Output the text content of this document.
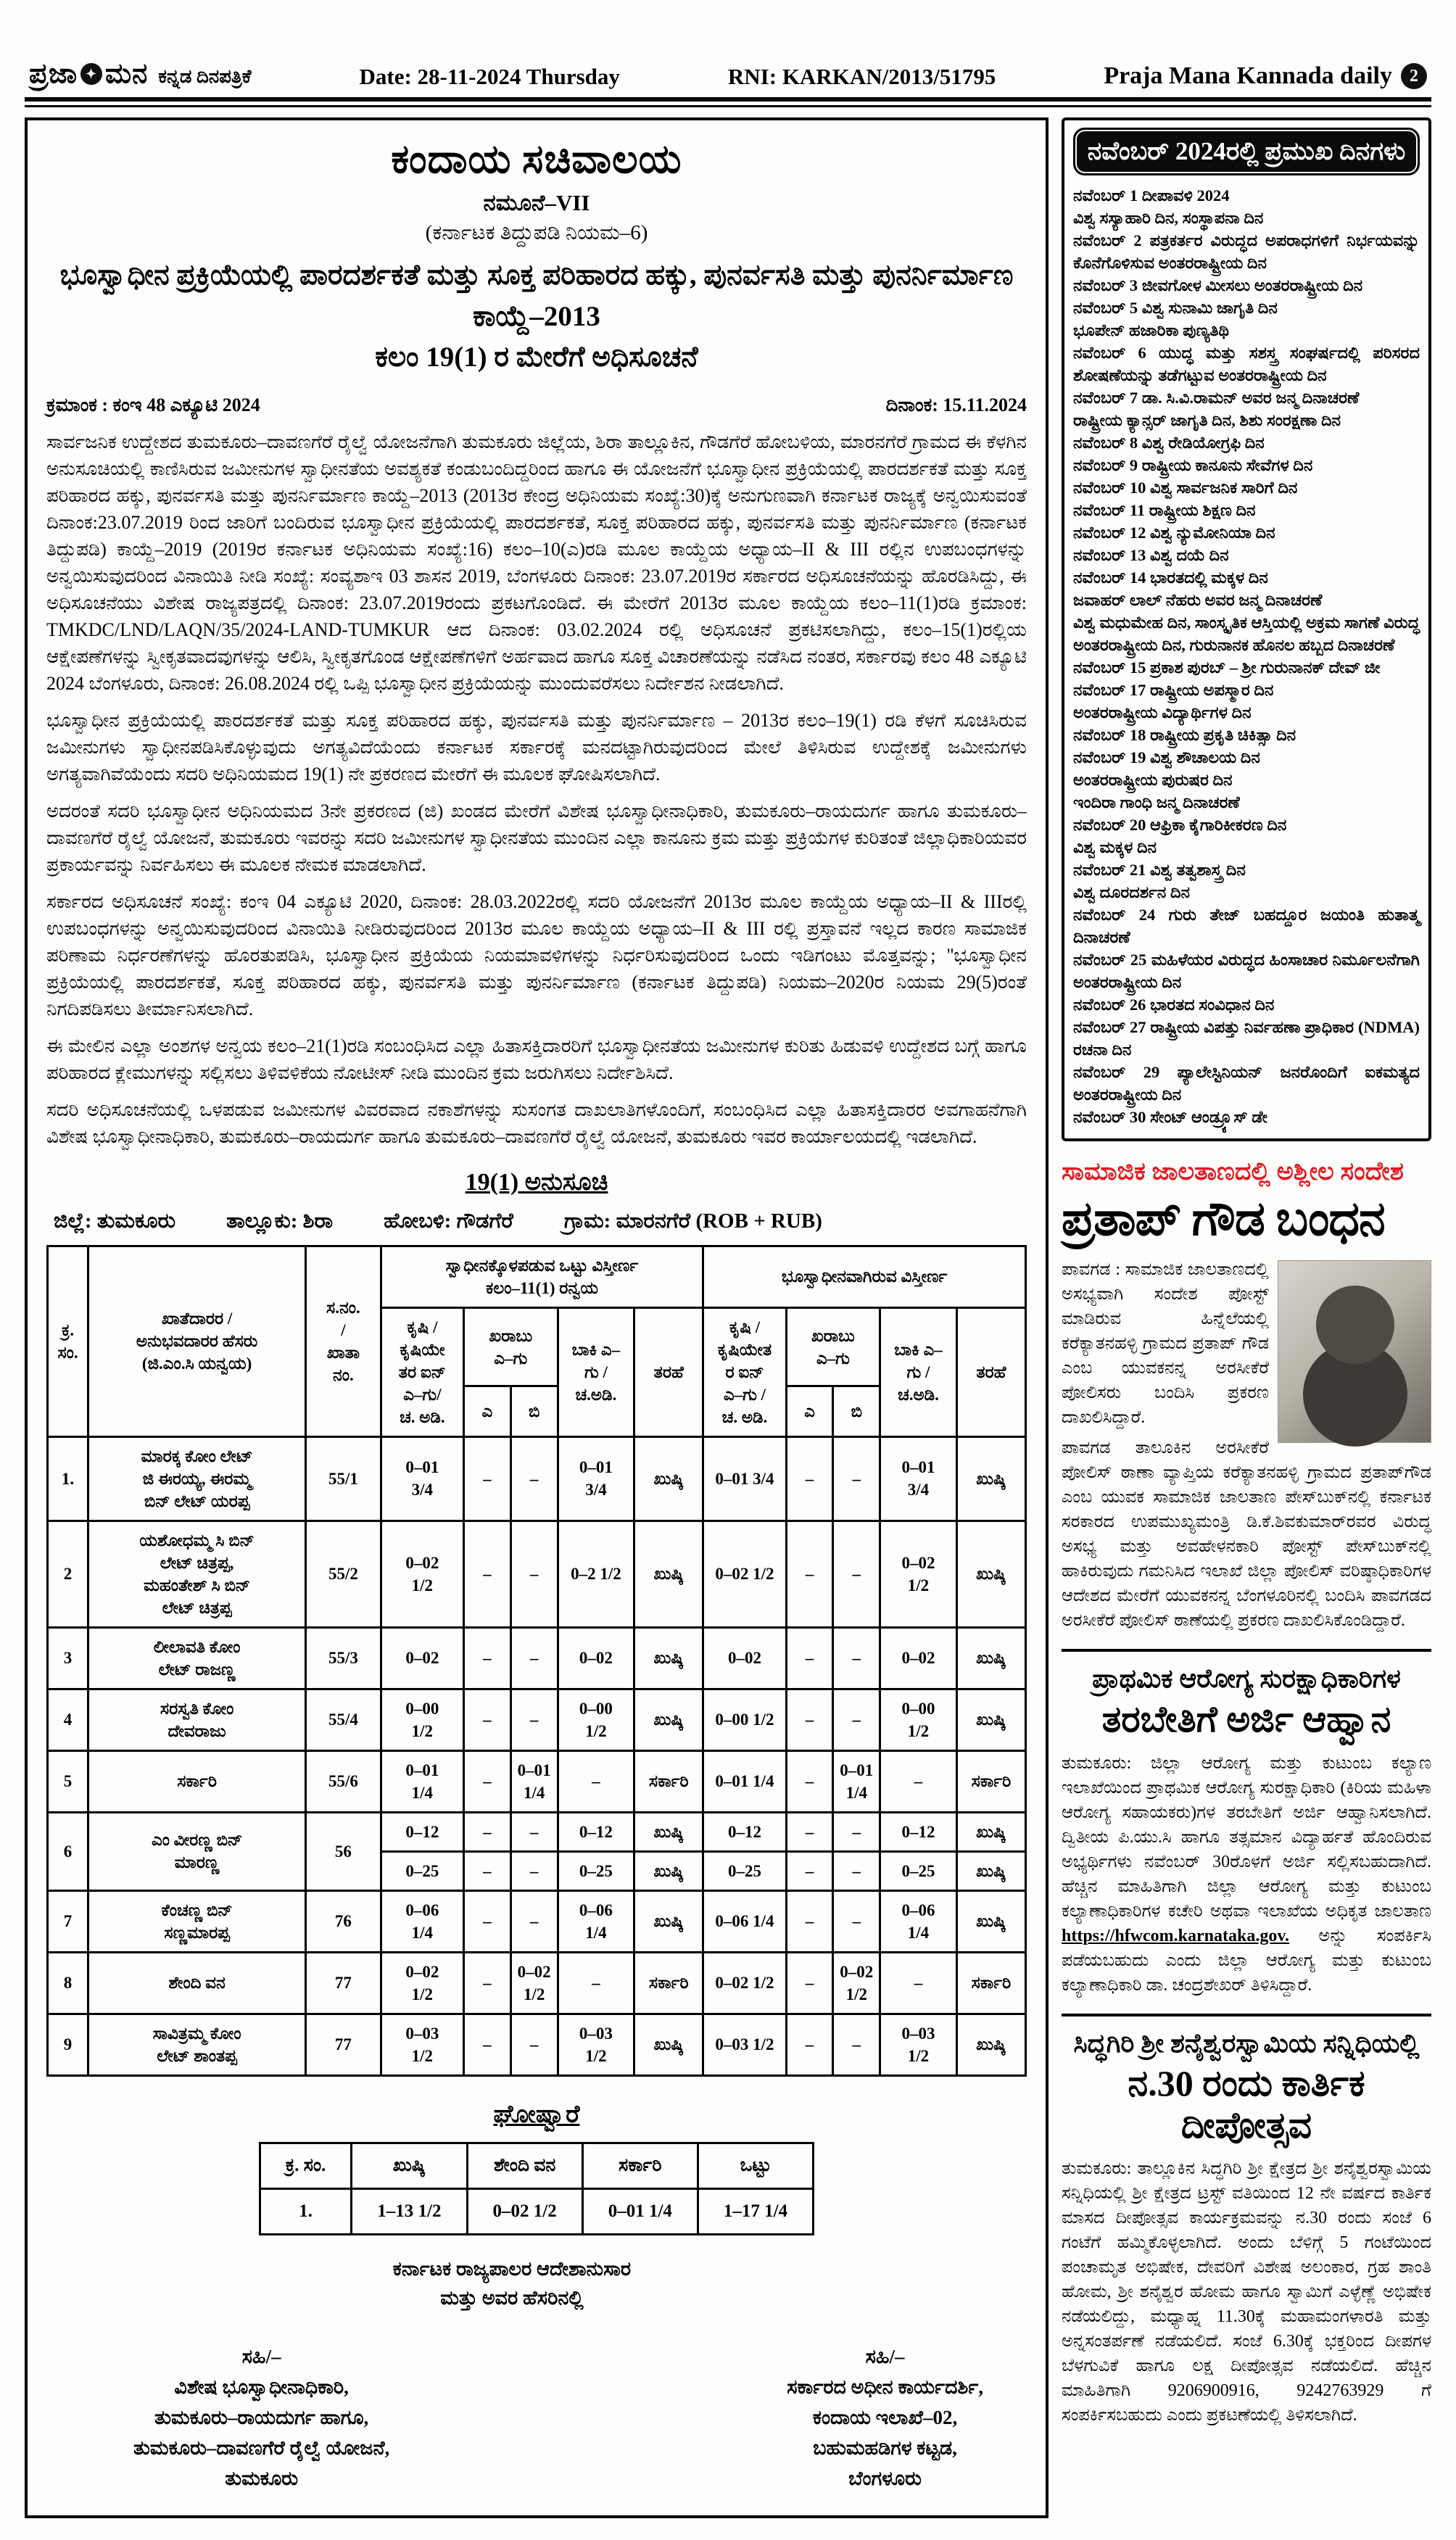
ಪ್ರಜಾ ✦ ಮನ ಕನ್ನಡ ದಿನಪತ್ರಿಕೆ	Date: 28-11-2024 Thursday	RNI: KARKAN/2013/51795	Praja Mana Kannada daily	2
ಕಂದಾಯ ಸಚಿವಾಲಯ
ನಮೂನೆ–VII
(ಕರ್ನಾಟಕ ತಿದ್ದುಪಡಿ ನಿಯಮ–6)
ಭೂಸ್ವಾಧೀನ ಪ್ರಕ್ರಿಯೆಯಲ್ಲಿ ಪಾರದರ್ಶಕತೆ ಮತ್ತು ಸೂಕ್ತ ಪರಿಹಾರದ ಹಕ್ಕು, ಪುನರ್ವಸತಿ ಮತ್ತು ಪುನರ್ನಿರ್ಮಾಣ ಕಾಯ್ದೆ–2013
ಕಲಂ 19(1) ರ ಮೇರೆಗೆ ಅಧಿಸೂಚನೆ
ಕ್ರಮಾಂಕ : ಕಂಇ 48 ಎಕ್ಯೂಟಿ 2024	ದಿನಾಂಕ: 15.11.2024

ಸಾರ್ವಜನಿಕ ಉದ್ದೇಶದ ತುಮಕೂರು–ದಾವಣಗೆರೆ ರೈಲ್ವೆ ಯೋಜನೆಗಾಗಿ ತುಮಕೂರು ಜಿಲ್ಲೆಯ, ಶಿರಾ ತಾಲ್ಲೂಕಿನ, ಗೌಡಗೆರೆ ಹೋಬಳಿಯ, ಮಾರನಗೆರೆ ಗ್ರಾಮದ ಈ ಕೆಳಗಿನ ಅನುಸೂಚಿಯಲ್ಲಿ ಕಾಣಿಸಿರುವ ಜಮೀನುಗಳ ಸ್ವಾಧೀನತೆಯ ಅವಶ್ಯಕತೆ ಕಂಡುಬಂದಿದ್ದರಿಂದ ಹಾಗೂ ಈ ಯೋಜನೆಗೆ ಭೂಸ್ವಾಧೀನ ಪ್ರಕ್ರಿಯೆಯಲ್ಲಿ ಪಾರದರ್ಶಕತೆ ಮತ್ತು ಸೂಕ್ತ ಪರಿಹಾರದ ಹಕ್ಕು, ಪುನರ್ವಸತಿ ಮತ್ತು ಪುನರ್ನಿರ್ಮಾಣ ಕಾಯ್ದೆ–2013 (2013ರ ಕೇಂದ್ರ ಅಧಿನಿಯಮ ಸಂಖ್ಯೆ:30)ಕ್ಕೆ ಅನುಗುಣವಾಗಿ ಕರ್ನಾಟಕ ರಾಜ್ಯಕ್ಕೆ ಅನ್ವಯಿಸುವಂತೆ ದಿನಾಂಕ:23.07.2019 ರಿಂದ ಜಾರಿಗೆ ಬಂದಿರುವ ಭೂಸ್ವಾಧೀನ ಪ್ರಕ್ರಿಯೆಯಲ್ಲಿ ಪಾರದರ್ಶಕತೆ, ಸೂಕ್ತ ಪರಿಹಾರದ ಹಕ್ಕು, ಪುನರ್ವಸತಿ ಮತ್ತು ಪುನರ್ನಿರ್ಮಾಣ (ಕರ್ನಾಟಕ ತಿದ್ದುಪಡಿ) ಕಾಯ್ದೆ–2019 (2019ರ ಕರ್ನಾಟಕ ಅಧಿನಿಯಮ ಸಂಖ್ಯೆ:16) ಕಲಂ–10(ಎ)ರಡಿ ಮೂಲ ಕಾಯ್ದೆಯ ಅಧ್ಯಾಯ–II & III ರಲ್ಲಿನ ಉಪಬಂಧಗಳನ್ನು ಅನ್ವಯಿಸುವುದರಿಂದ ವಿನಾಯಿತಿ ನೀಡಿ ಸಂಖ್ಯೆ: ಸಂವ್ಯಶಾಇ 03 ಶಾಸನ 2019, ಬೆಂಗಳೂರು ದಿನಾಂಕ: 23.07.2019ರ ಸರ್ಕಾರದ ಅಧಿಸೂಚನೆಯನ್ನು ಹೊರಡಿಸಿದ್ದು, ಈ ಅಧಿಸೂಚನೆಯು ವಿಶೇಷ ರಾಜ್ಯಪತ್ರದಲ್ಲಿ ದಿನಾಂಕ: 23.07.2019ರಂದು ಪ್ರಕಟಗೊಂಡಿದೆ. ಈ ಮೇರೆಗೆ 2013ರ ಮೂಲ ಕಾಯ್ದೆಯ ಕಲಂ–11(1)ರಡಿ ಕ್ರಮಾಂಕ: TMKDC/LND/LAQN/35/2024-LAND-TUMKUR ಆದ ದಿನಾಂಕ: 03.02.2024 ರಲ್ಲಿ ಅಧಿಸೂಚನೆ ಪ್ರಕಟಿಸಲಾಗಿದ್ದು, ಕಲಂ–15(1)ರಲ್ಲಿಯ ಆಕ್ಷೇಪಣೆಗಳನ್ನು ಸ್ವೀಕೃತವಾದವುಗಳನ್ನು ಆಲಿಸಿ, ಸ್ವೀಕೃತಗೊಂಡ ಆಕ್ಷೇಪಣೆಗಳಿಗೆ ಅರ್ಹವಾದ ಹಾಗೂ ಸೂಕ್ತ ವಿಚಾರಣೆಯನ್ನು ನಡೆಸಿದ ನಂತರ, ಸರ್ಕಾರವು ಕಲಂ 48 ಎಕ್ಯೂಟಿ 2024 ಬೆಂಗಳೂರು, ದಿನಾಂಕ: 26.08.2024 ರಲ್ಲಿ ಒಪ್ಪಿ ಭೂಸ್ವಾಧೀನ ಪ್ರಕ್ರಿಯೆಯನ್ನು ಮುಂದುವರೆಸಲು ನಿರ್ದೇಶನ ನೀಡಲಾಗಿದೆ.

ಭೂಸ್ವಾಧೀನ ಪ್ರಕ್ರಿಯೆಯಲ್ಲಿ ಪಾರದರ್ಶಕತೆ ಮತ್ತು ಸೂಕ್ತ ಪರಿಹಾರದ ಹಕ್ಕು, ಪುನರ್ವಸತಿ ಮತ್ತು ಪುನರ್ನಿರ್ಮಾಣ – 2013ರ ಕಲಂ–19(1) ರಡಿ ಕೆಳಗೆ ಸೂಚಿಸಿರುವ ಜಮೀನುಗಳು ಸ್ವಾಧೀನಪಡಿಸಿಕೊಳ್ಳುವುದು ಅಗತ್ಯವಿದೆಯೆಂದು ಕರ್ನಾಟಕ ಸರ್ಕಾರಕ್ಕೆ ಮನದಟ್ಟಾಗಿರುವುದರಿಂದ ಮೇಲೆ ತಿಳಿಸಿರುವ ಉದ್ದೇಶಕ್ಕೆ ಜಮೀನುಗಳು ಅಗತ್ಯವಾಗಿವೆಯೆಂದು ಸದರಿ ಅಧಿನಿಯಮದ 19(1) ನೇ ಪ್ರಕರಣದ ಮೇರೆಗೆ ಈ ಮೂಲಕ ಘೋಷಿಸಲಾಗಿದೆ.

ಅದರಂತೆ ಸದರಿ ಭೂಸ್ವಾಧೀನ ಅಧಿನಿಯಮದ 3ನೇ ಪ್ರಕರಣದ (ಜಿ) ಖಂಡದ ಮೇರೆಗೆ ವಿಶೇಷ ಭೂಸ್ವಾಧೀನಾಧಿಕಾರಿ, ತುಮಕೂರು–ರಾಯದುರ್ಗ ಹಾಗೂ ತುಮಕೂರು–ದಾವಣಗೆರೆ ರೈಲ್ವೆ ಯೋಜನೆ, ತುಮಕೂರು ಇವರನ್ನು ಸದರಿ ಜಮೀನುಗಳ ಸ್ವಾಧೀನತೆಯ ಮುಂದಿನ ಎಲ್ಲಾ ಕಾನೂನು ಕ್ರಮ ಮತ್ತು ಪ್ರಕ್ರಿಯೆಗಳ ಕುರಿತಂತೆ ಜಿಲ್ಲಾಧಿಕಾರಿಯವರ ಪ್ರಕಾರ್ಯವನ್ನು ನಿರ್ವಹಿಸಲು ಈ ಮೂಲಕ ನೇಮಕ ಮಾಡಲಾಗಿದೆ.

ಸರ್ಕಾರದ ಅಧಿಸೂಚನೆ ಸಂಖ್ಯೆ: ಕಂಇ 04 ಎಕ್ಯೂಟಿ 2020, ದಿನಾಂಕ: 28.03.2022ರಲ್ಲಿ ಸದರಿ ಯೋಜನೆಗೆ 2013ರ ಮೂಲ ಕಾಯ್ದೆಯ ಅಧ್ಯಾಯ–II & IIIರಲ್ಲಿ ಉಪಬಂಧಗಳನ್ನು ಅನ್ವಯಿಸುವುದರಿಂದ ವಿನಾಯಿತಿ ನೀಡಿರುವುದರಿಂದ 2013ರ ಮೂಲ ಕಾಯ್ದೆಯ ಅಧ್ಯಾಯ–II & III ರಲ್ಲಿ ಪ್ರಸ್ತಾವನೆ ಇಲ್ಲದ ಕಾರಣ ಸಾಮಾಜಿಕ ಪರಿಣಾಮ ನಿರ್ಧರಣೆಗಳನ್ನು ಹೊರತುಪಡಿಸಿ, ಭೂಸ್ವಾಧೀನ ಪ್ರಕ್ರಿಯೆಯ ನಿಯಮಾವಳಿಗಳನ್ನು ನಿರ್ಧರಿಸುವುದರಿಂದ ಒಂದು ಇಡಿಗಂಟು ಮೊತ್ತವನ್ನು; ''ಭೂಸ್ವಾಧೀನ ಪ್ರಕ್ರಿಯೆಯಲ್ಲಿ ಪಾರದರ್ಶಕತೆ, ಸೂಕ್ತ ಪರಿಹಾರದ ಹಕ್ಕು, ಪುನರ್ವಸತಿ ಮತ್ತು ಪುನರ್ನಿರ್ಮಾಣ (ಕರ್ನಾಟಕ ತಿದ್ದುಪಡಿ) ನಿಯಮ–2020ರ ನಿಯಮ 29(5)ರಂತೆ ನಿಗದಿಪಡಿಸಲು ತೀರ್ಮಾನಿಸಲಾಗಿದೆ.

ಈ ಮೇಲಿನ ಎಲ್ಲಾ ಅಂಶಗಳ ಅನ್ವಯ ಕಲಂ–21(1)ರಡಿ ಸಂಬಂಧಿಸಿದ ಎಲ್ಲಾ ಹಿತಾಸಕ್ತಿದಾರರಿಗೆ ಭೂಸ್ವಾಧೀನತೆಯ ಜಮೀನುಗಳ ಕುರಿತು ಹಿಡುವಳಿ ಉದ್ದೇಶದ ಬಗ್ಗೆ ಹಾಗೂ ಪರಿಹಾರದ ಕ್ಲೇಮುಗಳನ್ನು ಸಲ್ಲಿಸಲು ತಿಳಿವಳಿಕೆಯ ನೋಟೀಸ್ ನೀಡಿ ಮುಂದಿನ ಕ್ರಮ ಜರುಗಿಸಲು ನಿರ್ದೇಶಿಸಿದೆ.

ಸದರಿ ಅಧಿಸೂಚನೆಯಲ್ಲಿ ಒಳಪಡುವ ಜಮೀನುಗಳ ವಿವರವಾದ ನಕಾಶೆಗಳನ್ನು ಸುಸಂಗತ ದಾಖಲಾತಿಗಳೊಂದಿಗೆ, ಸಂಬಂಧಿಸಿದ ಎಲ್ಲಾ ಹಿತಾಸಕ್ತಿದಾರರ ಅವಗಾಹನೆಗಾಗಿ ವಿಶೇಷ ಭೂಸ್ವಾಧೀನಾಧಿಕಾರಿ, ತುಮಕೂರು–ರಾಯದುರ್ಗ ಹಾಗೂ ತುಮಕೂರು–ದಾವಣಗೆರೆ ರೈಲ್ವೆ ಯೋಜನೆ, ತುಮಕೂರು ಇವರ ಕಾರ್ಯಾಲಯದಲ್ಲಿ ಇಡಲಾಗಿದೆ.

19(1) ಅನುಸೂಚಿ
ಜಿಲ್ಲೆ: ತುಮಕೂರು ತಾಲ್ಲೂಕು: ಶಿರಾ ಹೋಬಳಿ: ಗೌಡಗೆರೆ ಗ್ರಾಮ: ಮಾರನಗೆರೆ (ROB + RUB)
ಕ್ರ.
ಸಂ.	ಖಾತೆದಾರರ /
ಅನುಭವದಾರರ ಹೆಸರು
(ಜಿ.ಎಂ.ಸಿ ಯನ್ವಯ)	ಸ.ನಂ.
/
ಖಾತಾ
ನಂ.	ಸ್ವಾಧೀನಕ್ಕೊಳಪಡುವ ಒಟ್ಟು ವಿಸ್ತೀರ್ಣ
ಕಲಂ–11(1) ರನ್ವಯ					ಭೂಸ್ವಾಧೀನವಾಗಿರುವ ವಿಸ್ತೀರ್ಣ				
			ಕೃಷಿ /
ಕೃಷಿಯೇ
ತರ ಐನ್
ಎ–ಗು/
ಚ. ಅಡಿ.	ಖರಾಬು
ಎ–ಗು		ಬಾಕಿ ಎ–
ಗು /
ಚ.ಅಡಿ.	ತರಹೆ	ಕೃಷಿ /
ಕೃಷಿಯೇತ
ರ ಐನ್
ಎ–ಗು /
ಚ. ಅಡಿ.	ಖರಾಬು
ಎ–ಗು		ಬಾಕಿ ಎ–
ಗು /
ಚ.ಅಡಿ.	ತರಹೆ
				ಎ	ಬಿ				ಎ	ಬಿ		
1.	ಮಾರಕ್ಕ ಕೋಂ ಲೇಟ್
ಜಿ ಈರಯ್ಯ, ಈರಮ್ಮ
ಬಿನ್ ಲೇಟ್ ಯರಪ್ಪ	55/1	0–01
3/4	–	–	0–01
3/4	ಖುಷ್ಕಿ	0–01 3/4	–	–	0–01
3/4	ಖುಷ್ಕಿ
2	ಯಶೋಧಮ್ಮ ಸಿ ಬಿನ್
ಲೇಟ್ ಚಿತ್ರಪ್ಪ,
ಮಹಂತೇಶ್ ಸಿ ಬಿನ್
ಲೇಟ್ ಚಿತ್ರಪ್ಪ	55/2	0–02
1/2	–	–	0–2 1/2	ಖುಷ್ಕಿ	0–02 1/2	–	–	0–02
1/2	ಖುಷ್ಕಿ
3	ಲೀಲಾವತಿ ಕೋಂ
ಲೇಟ್ ರಾಜಣ್ಣ	55/3	0–02	–	–	0–02	ಖುಷ್ಕಿ	0–02	–	–	0–02	ಖುಷ್ಕಿ
4	ಸರಸ್ವತಿ ಕೋಂ
ದೇವರಾಜು	55/4	0–00
1/2	–	–	0–00
1/2	ಖುಷ್ಕಿ	0–00 1/2	–	–	0–00
1/2	ಖುಷ್ಕಿ
5	ಸರ್ಕಾರಿ	55/6	0–01
1/4	–	0–01
1/4	–	ಸರ್ಕಾರಿ	0–01 1/4	–	0–01
1/4	–	ಸರ್ಕಾರಿ
6	ಎಂ ವೀರಣ್ಣ ಬಿನ್
ಮಾರಣ್ಣ	56	0–12	–	–	0–12	ಖುಷ್ಕಿ	0–12	–	–	0–12	ಖುಷ್ಕಿ
			0–25	–	–	0–25	ಖುಷ್ಕಿ	0–25	–	–	0–25	ಖುಷ್ಕಿ
7	ಕೆಂಚಣ್ಣ ಬಿನ್
ಸಣ್ಣಮಾರಪ್ಪ	76	0–06
1/4	–	–	0–06
1/4	ಖುಷ್ಕಿ	0–06 1/4	–	–	0–06
1/4	ಖುಷ್ಕಿ
8	ಶೇಂದಿ ವನ	77	0–02
1/2	–	0–02
1/2	–	ಸರ್ಕಾರಿ	0–02 1/2	–	0–02
1/2	–	ಸರ್ಕಾರಿ
9	ಸಾವಿತ್ರಮ್ಮ ಕೋಂ
ಲೇಟ್ ಶಾಂತಪ್ಪ	77	0–03
1/2	–	–	0–03
1/2	ಖುಷ್ಕಿ	0–03 1/2	–	–	0–03
1/2	ಖುಷ್ಕಿ
ಘೋಷ್ವಾರೆ
ಕ್ರ. ಸಂ.	ಖುಷ್ಕಿ	ಶೇಂದಿ ವನ	ಸರ್ಕಾರಿ	ಒಟ್ಟು
1.	1–13 1/2	0–02 1/2	0–01 1/4	1–17 1/4
ಕರ್ನಾಟಕ ರಾಜ್ಯಪಾಲರ ಆದೇಶಾನುಸಾರ
ಮತ್ತು ಅವರ ಹೆಸರಿನಲ್ಲಿ
ಸಹಿ/–
ವಿಶೇಷ ಭೂಸ್ವಾಧೀನಾಧಿಕಾರಿ,
ತುಮಕೂರು–ರಾಯದುರ್ಗ ಹಾಗೂ,
ತುಮಕೂರು–ದಾವಣಗೆರೆ ರೈಲ್ವೆ ಯೋಜನೆ,
ತುಮಕೂರು
ಸಹಿ/–
ಸರ್ಕಾರದ ಅಧೀನ ಕಾರ್ಯದರ್ಶಿ,
ಕಂದಾಯ ಇಲಾಖೆ–02,
ಬಹುಮಹಡಿಗಳ ಕಟ್ಟಡ,
ಬೆಂಗಳೂರು
ನವೆಂಬರ್ 2024ರಲ್ಲಿ ಪ್ರಮುಖ ದಿನಗಳು
ನವೆಂಬರ್ 1 ದೀಪಾವಳಿ 2024
ವಿಶ್ವ ಸಸ್ಯಾಹಾರಿ ದಿನ, ಸಂಸ್ಥಾಪನಾ ದಿನ
ನವೆಂಬರ್ 2 ಪತ್ರಕರ್ತರ ವಿರುದ್ಧದ ಅಪರಾಧಗಳಿಗೆ ನಿರ್ಭಯವನ್ನು ಕೊನೆಗೊಳಿಸುವ ಅಂತರರಾಷ್ಟ್ರೀಯ ದಿನ
ನವೆಂಬರ್ 3 ಜೀವಗೋಳ ಮೀಸಲು ಅಂತರರಾಷ್ಟ್ರೀಯ ದಿನ
ನವೆಂಬರ್ 5 ವಿಶ್ವ ಸುನಾಮಿ ಜಾಗೃತಿ ದಿನ
ಭೂಪೇನ್ ಹಜಾರಿಕಾ ಪುಣ್ಯತಿಥಿ
ನವೆಂಬರ್ 6 ಯುದ್ಧ ಮತ್ತು ಸಶಸ್ತ್ರ ಸಂಘರ್ಷದಲ್ಲಿ ಪರಿಸರದ ಶೋಷಣೆಯನ್ನು ತಡೆಗಟ್ಟುವ ಅಂತರರಾಷ್ಟ್ರೀಯ ದಿನ
ನವೆಂಬರ್ 7 ಡಾ. ಸಿ.ವಿ.ರಾಮನ್ ಅವರ ಜನ್ಮ ದಿನಾಚರಣೆ
ರಾಷ್ಟ್ರೀಯ ಕ್ಯಾನ್ಸರ್ ಜಾಗೃತಿ ದಿನ, ಶಿಶು ಸಂರಕ್ಷಣಾ ದಿನ
ನವೆಂಬರ್ 8 ವಿಶ್ವ ರೇಡಿಯೋಗ್ರಫಿ ದಿನ
ನವೆಂಬರ್ 9 ರಾಷ್ಟ್ರೀಯ ಕಾನೂನು ಸೇವೆಗಳ ದಿನ
ನವೆಂಬರ್ 10 ವಿಶ್ವ ಸಾರ್ವಜನಿಕ ಸಾರಿಗೆ ದಿನ
ನವೆಂಬರ್ 11 ರಾಷ್ಟ್ರೀಯ ಶಿಕ್ಷಣ ದಿನ
ನವೆಂಬರ್ 12 ವಿಶ್ವ ನ್ಯುಮೋನಿಯಾ ದಿನ
ನವೆಂಬರ್ 13 ವಿಶ್ವ ದಯೆ ದಿನ
ನವೆಂಬರ್ 14 ಭಾರತದಲ್ಲಿ ಮಕ್ಕಳ ದಿನ
ಜವಾಹರ್ ಲಾಲ್ ನೆಹರು ಅವರ ಜನ್ಮ ದಿನಾಚರಣೆ
ವಿಶ್ವ ಮಧುಮೇಹ ದಿನ, ಸಾಂಸ್ಕೃತಿಕ ಆಸ್ತಿಯಲ್ಲಿ ಅಕ್ರಮ ಸಾಗಣೆ ವಿರುದ್ಧ ಅಂತರರಾಷ್ಟ್ರೀಯ ದಿನ, ಗುರುನಾನಕ ಹೊನಲ ಹಬ್ಬದ ದಿನಾಚರಣೆ
ನವೆಂಬರ್ 15 ಪ್ರಕಾಶ ಪುರಬ್ – ಶ್ರೀ ಗುರುನಾನಕ್ ದೇವ್ ಜೀ
ನವೆಂಬರ್ 17 ರಾಷ್ಟ್ರೀಯ ಅಪಸ್ಮಾರ ದಿನ
ಅಂತರರಾಷ್ಟ್ರೀಯ ವಿದ್ಯಾರ್ಥಿಗಳ ದಿನ
ನವೆಂಬರ್ 18 ರಾಷ್ಟ್ರೀಯ ಪ್ರಕೃತಿ ಚಿಕಿತ್ಸಾ ದಿನ
ನವೆಂಬರ್ 19 ವಿಶ್ವ ಶೌಚಾಲಯ ದಿನ
ಅಂತರರಾಷ್ಟ್ರೀಯ ಪುರುಷರ ದಿನ
ಇಂದಿರಾ ಗಾಂಧಿ ಜನ್ಮ ದಿನಾಚರಣೆ
ನವೆಂಬರ್ 20 ಆಫ್ರಿಕಾ ಕೈಗಾರಿಕೀಕರಣ ದಿನ
ವಿಶ್ವ ಮಕ್ಕಳ ದಿನ
ನವೆಂಬರ್ 21 ವಿಶ್ವ ತತ್ವಶಾಸ್ತ್ರ ದಿನ
ವಿಶ್ವ ದೂರದರ್ಶನ ದಿನ
ನವೆಂಬರ್ 24 ಗುರು ತೇಜ್ ಬಹದ್ದೂರ ಜಯಂತಿ ಹುತಾತ್ಮ ದಿನಾಚರಣೆ
ನವೆಂಬರ್ 25 ಮಹಿಳೆಯರ ವಿರುದ್ಧದ ಹಿಂಸಾಚಾರ ನಿರ್ಮೂಲನೆಗಾಗಿ ಅಂತರರಾಷ್ಟ್ರೀಯ ದಿನ
ನವೆಂಬರ್ 26 ಭಾರತದ ಸಂವಿಧಾನ ದಿನ
ನವೆಂಬರ್ 27 ರಾಷ್ಟ್ರೀಯ ವಿಪತ್ತು ನಿರ್ವಹಣಾ ಪ್ರಾಧಿಕಾರ (NDMA) ರಚನಾ ದಿನ
ನವೆಂಬರ್ 29 ಪ್ಯಾಲೇಸ್ಟಿನಿಯನ್ ಜನರೊಂದಿಗೆ ಐಕಮತ್ಯದ ಅಂತರರಾಷ್ಟ್ರೀಯ ದಿನ
ನವೆಂಬರ್ 30 ಸೇಂಟ್ ಆಂಡ್ರ್ಯೂಸ್ ಡೇ
ಸಾಮಾಜಿಕ ಜಾಲತಾಣದಲ್ಲಿ ಅಶ್ಲೀಲ ಸಂದೇಶ
ಪ್ರತಾಪ್ ಗೌಡ ಬಂಧನ

ಪಾವಗಡ : ಸಾಮಾಜಿಕ ಜಾಲತಾಣದಲ್ಲಿ ಅಸಭ್ಯವಾಗಿ ಸಂದೇಶ ಪೋಸ್ಟ್ ಮಾಡಿರುವ ಹಿನ್ನೆಲೆಯಲ್ಲಿ ಕರೆಕ್ಯಾತನಹಳ್ಳಿ ಗ್ರಾಮದ ಪ್ರತಾಪ್ ಗೌಡ ಎಂಬ ಯುವಕನನ್ನ ಅರಸೀಕೆರೆ ಪೋಲಿಸರು ಬಂದಿಸಿ ಪ್ರಕರಣ ದಾಖಲಿಸಿದ್ದಾರೆ.

ಪಾವಗಡ ತಾಲೂಕಿನ ಅರಸೀಕೆರೆ ಪೋಲಿಸ್ ಠಾಣಾ ವ್ಯಾಪ್ತಿಯ ಕರೆಕ್ಯಾತನಹಳ್ಳಿ ಗ್ರಾಮದ ಪ್ರತಾಪ್‌ಗೌಡ ಎಂಬ ಯುವಕ ಸಾಮಾಜಿಕ ಜಾಲತಾಣ ಪೇಸ್‌ಬುಕ್‌ನಲ್ಲಿ ಕರ್ನಾಟಕ ಸರಕಾರದ ಉಪಮುಖ್ಯಮಂತ್ರಿ ಡಿ.ಕೆ.ಶಿವಕುಮಾರ್‌ರವರ ವಿರುದ್ಧ ಅಸಭ್ಯ ಮತ್ತು ಅವಹೇಳನಕಾರಿ ಪೋಸ್ಟ್ ಪೇಸ್‌ಬುಕ್‌ನಲ್ಲಿ ಹಾಕಿರುವುದು ಗಮನಿಸಿದ ಇಲಾಖೆ ಜಿಲ್ಲಾ ಪೋಲಿಸ್ ವರಿಷ್ಠಾಧಿಕಾರಿಗಳ ಆದೇಶದ ಮೇರೆಗೆ ಯುವಕನನ್ನ ಬೆಂಗಳೂರಿನಲ್ಲಿ ಬಂದಿಸಿ ಪಾವಗಡದ ಅರಸೀಕೆರೆ ಪೋಲಿಸ್ ಠಾಣೆಯಲ್ಲಿ ಪ್ರಕರಣ ದಾಖಲಿಸಿಕೊಂಡಿದ್ದಾರೆ.

ಪ್ರಾಥಮಿಕ ಆರೋಗ್ಯ ಸುರಕ್ಷಾಧಿಕಾರಿಗಳ
ತರಬೇತಿಗೆ ಅರ್ಜಿ ಆಹ್ವಾನ
ತುಮಕೂರು: ಜಿಲ್ಲಾ ಆರೋಗ್ಯ ಮತ್ತು ಕುಟುಂಬ ಕಲ್ಯಾಣ ಇಲಾಖೆಯಿಂದ ಪ್ರಾಥಮಿಕ ಆರೋಗ್ಯ ಸುರಕ್ಷಾಧಿಕಾರಿ (ಕಿರಿಯ ಮಹಿಳಾ ಆರೋಗ್ಯ ಸಹಾಯಕರು)ಗಳ ತರಬೇತಿಗೆ ಅರ್ಜಿ ಆಹ್ವಾನಿಸಲಾಗಿದೆ. ದ್ವಿತೀಯ ಪಿ.ಯು.ಸಿ ಹಾಗೂ ತತ್ಸಮಾನ ವಿದ್ಯಾರ್ಹತೆ ಹೊಂದಿರುವ ಅಭ್ಯರ್ಥಿಗಳು ನವೆಂಬರ್ 30ರೊಳಗೆ ಅರ್ಜಿ ಸಲ್ಲಿಸಬಹುದಾಗಿದೆ. ಹೆಚ್ಚಿನ ಮಾಹಿತಿಗಾಗಿ ಜಿಲ್ಲಾ ಆರೋಗ್ಯ ಮತ್ತು ಕುಟುಂಬ ಕಲ್ಯಾಣಾಧಿಕಾರಿಗಳ ಕಚೇರಿ ಅಥವಾ ಇಲಾಖೆಯ ಅಧಿಕೃತ ಜಾಲತಾಣ https://hfwcom.karnataka.gov. ಅನ್ನು ಸಂಪರ್ಕಿಸಿ ಪಡೆಯಬಹುದು ಎಂದು ಜಿಲ್ಲಾ ಆರೋಗ್ಯ ಮತ್ತು ಕುಟುಂಬ ಕಲ್ಯಾಣಾಧಿಕಾರಿ ಡಾ. ಚಂದ್ರಶೇಖರ್ ತಿಳಿಸಿದ್ದಾರೆ.
ಸಿದ್ಧಗಿರಿ ಶ್ರೀ ಶನೈಶ್ವರಸ್ವಾಮಿಯ ಸನ್ನಿಧಿಯಲ್ಲಿ
ನ.30 ರಂದು ಕಾರ್ತಿಕ ದೀಪೋತ್ಸವ
ತುಮಕೂರು: ತಾಲ್ಲೂಕಿನ ಸಿದ್ಧಗಿರಿ ಶ್ರೀ ಕ್ಷೇತ್ರದ ಶ್ರೀ ಶನೈಶ್ವರಸ್ವಾಮಿಯ ಸನ್ನಿಧಿಯಲ್ಲಿ ಶ್ರೀ ಕ್ಷೇತ್ರದ ಟ್ರಸ್ಟ್ ವತಿಯಿಂದ 12 ನೇ ವರ್ಷದ ಕಾರ್ತಿಕ ಮಾಸದ ದೀಪೋತ್ಸವ ಕಾರ್ಯಕ್ರಮವನ್ನು ನ.30 ರಂದು ಸಂಜೆ 6 ಗಂಟೆಗೆ ಹಮ್ಮಿಕೊಳ್ಳಲಾಗಿದೆ. ಅಂದು ಬೆಳಿಗ್ಗೆ 5 ಗಂಟೆಯಿಂದ ಪಂಚಾಮೃತ ಅಭಿಷೇಕ, ದೇವರಿಗೆ ವಿಶೇಷ ಅಲಂಕಾರ, ಗ್ರಹ ಶಾಂತಿ ಹೋಮ, ಶ್ರೀ ಶನೈಶ್ವರ ಹೋಮ ಹಾಗೂ ಸ್ವಾಮಿಗೆ ಎಳ್ಳೆಣ್ಣೆ ಅಭಿಷೇಕ ನಡೆಯಲಿದ್ದು, ಮಧ್ಯಾಹ್ನ 11.30ಕ್ಕೆ ಮಹಾಮಂಗಳಾರತಿ ಮತ್ತು ಅನ್ನಸಂತರ್ಪಣೆ ನಡೆಯಲಿದೆ. ಸಂಜೆ 6.30ಕ್ಕೆ ಭಕ್ತರಿಂದ ದೀಪಗಳ ಬೆಳಗುವಿಕೆ ಹಾಗೂ ಲಕ್ಷ ದೀಪೋತ್ಸವ ನಡೆಯಲಿದೆ. ಹೆಚ್ಚಿನ ಮಾಹಿತಿಗಾಗಿ 9206900916, 9242763929 ಗೆ ಸಂಪರ್ಕಿಸಬಹುದು ಎಂದು ಪ್ರಕಟಣೆಯಲ್ಲಿ ತಿಳಿಸಲಾಗಿದೆ.
